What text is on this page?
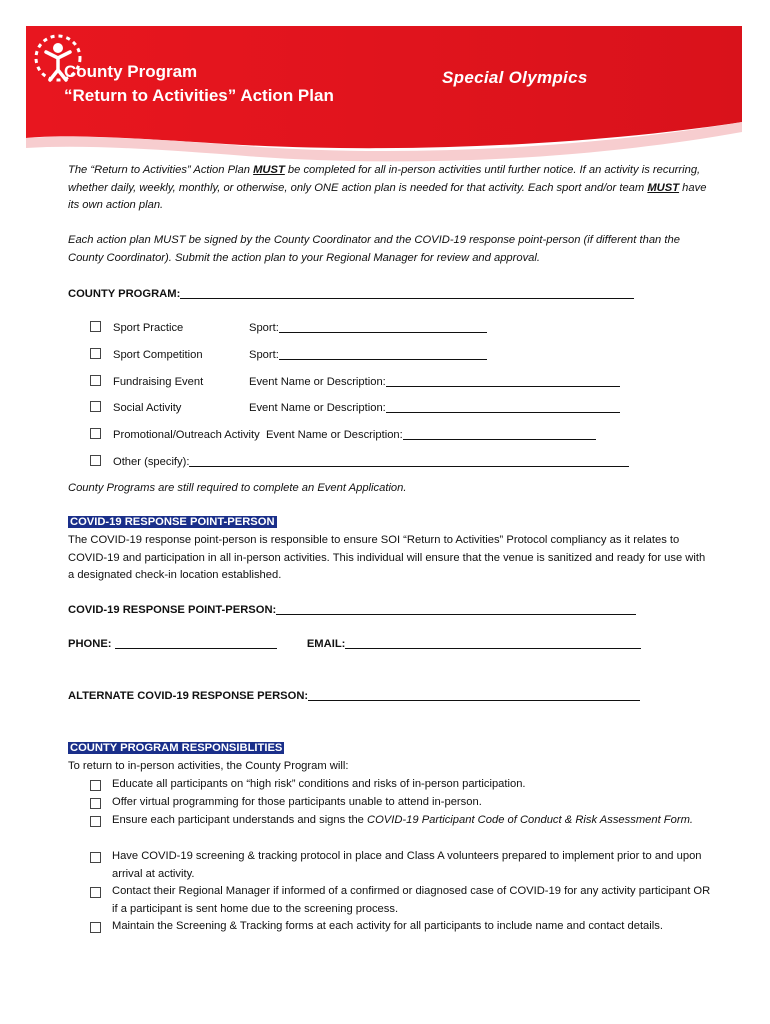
County Program
“Return to Activities” Action Plan
Special Olympics
The “Return to Activities” Action Plan MUST be completed for all in-person activities until further notice. If an activity is recurring, whether daily, weekly, monthly, or otherwise, only ONE action plan is needed for that activity. Each sport and/or team MUST have its own action plan.
Each action plan MUST be signed by the County Coordinator and the COVID-19 response point-person (if different than the County Coordinator). Submit the action plan to your Regional Manager for review and approval.
COUNTY PROGRAM:
Sport Practice	Sport:
Sport Competition	Sport:
Fundraising Event	Event Name or Description:
Social Activity	Event Name or Description:
Promotional/Outreach Activity Event Name or Description:
Other (specify):
County Programs are still required to complete an Event Application.
COVID-19 RESPONSE POINT-PERSON
The COVID-19 response point-person is responsible to ensure SOI “Return to Activities” Protocol compliancy as it relates to COVID-19 and participation in all in-person activities. This individual will ensure that the venue is sanitized and ready for use with a designated check-in location established.
COVID-19 RESPONSE POINT-PERSON:
PHONE:	EMAIL:
ALTERNATE COVID-19 RESPONSE PERSON:
COUNTY PROGRAM RESPONSIBLITIES
To return to in-person activities, the County Program will:
Educate all participants on “high risk” conditions and risks of in-person participation.
Offer virtual programming for those participants unable to attend in-person.
Ensure each participant understands and signs the COVID-19 Participant Code of Conduct & Risk Assessment Form.
Have COVID-19 screening & tracking protocol in place and Class A volunteers prepared to implement prior to and upon arrival at activity.
Contact their Regional Manager if informed of a confirmed or diagnosed case of COVID-19 for any activity participant OR if a participant is sent home due to the screening process.
Maintain the Screening & Tracking forms at each activity for all participants to include name and contact details.
